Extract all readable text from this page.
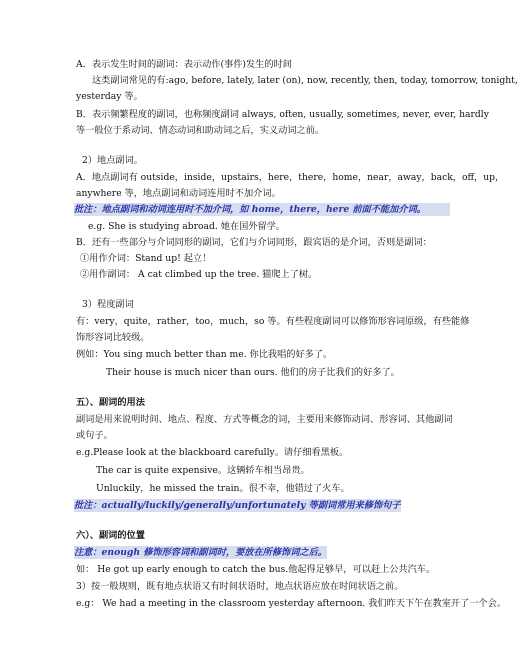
A．表示发生时间的副词：表示动作(事件)发生的时间
这类副词常见的有:ago, before, lately, later (on), now, recently, then, today, tomorrow, tonight,
yesterday 等。
B．表示频繁程度的副词，也称频度副词 always, often, usually, sometimes, never, ever, hardly
等一般位于系动词、情态动词和助动词之后，实义动词之前。
2）地点副词。
A．地点副词有 outside，inside，upstairs，here，there，home，near，away，back，off，up，
anywhere 等，地点副词和动词连用时不加介词。
批注：地点副词和动词连用时不加介词，如 home，there，here 前面不能加介词。
e.g. She is studying abroad. 她在国外留学。
B．还有一些部分与介词同形的副词，它们与介词同形，跟宾语的是介词，否则是副词：
①用作介词：Stand up! 起立！
②用作副词： A cat climbed up the tree. 猫爬上了树。
3）程度副词
有：very，quite，rather，too，much，so 等。有些程度副词可以修饰形容词原级，有些能修
饰形容词比较级。
例如：You sing much better than me. 你比我唱的好多了。
Their house is much nicer than ours. 他们的房子比我们的好多了。
五）、副词的用法
副词是用来说明时间、地点、程度、方式等概念的词，主要用来修饰动词、形容词、其他副词
或句子。
e.g.Please look at the blackboard carefully。请仔细看黑板。
The car is quite expensive。这辆轿车相当昂贵。
Unluckily，he missed the train。很不幸，他错过了火车。
批注：actually/luckily/generally/unfortunately 等副词常用来修饰句子
六）、副词的位置
注意：enough 修饰形容词和副词时，要放在所修饰词之后。
如： He got up early enough to catch the bus.他起得足够早，可以赶上公共汽车。
3）按一般规则，既有地点状语又有时间状语时，地点状语应放在时间状语之前。
e.g： We had a meeting in the classroom yesterday afternoon. 我们昨天下午在教室开了一个会。
